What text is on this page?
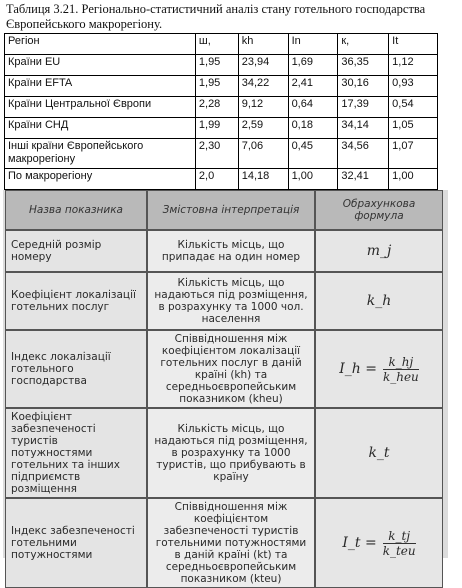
Таблиця 3.21. Регіонально-статистичний аналіз стану готельного господарства Європейського макрорегіону.
Регіон	ш,	kh	In	к,	It
Країни EU	1,95	23,94	1,69	36,35	1,12
Країни EFTA	1,95	34,22	2,41	30,16	0,93
Країни Центральної Європи	2,28	9,12	0,64	17,39	0,54
Країни СНД	1,99	2,59	0,18	34,14	1,05
Інші країни Європейського макрорегіону	2,30	7,06	0,45	34,56	1,07
По макрорегіону	2,0	14,18	1,00	32,41	1,00
Назва показника	Змістовна інтерпретація	Обрахункова формула
Середній розмір номеру	Кількість місць, що припадає на один номер	m_j
Коефіцієнт локалізації готельних послуг	Кількість місць, що надаються під розміщення, в розрахунку та 1000 чол. населення	k_h
Індекс локалізації готельного господарства	Співвідношення між коефіцієнтом локалізації готельних послуг в даній країні (kh) та середньоєвропейським показником (kheu)	I_h = $\frac{k\_hj}{\text{k\_heu}}$

Коефіцієнт забезпеченості туристів потужностями готельних та інших підприємств розміщення	Кількість місць, що надаються під розміщення, в розрахунку та 1000 туристів, що прибувають в країну	k_t
Індекс забезпеченості готельними потужностями	Співвідношення між коефіцієнтом забезпеченості туристів готельними потужностями в даній країні (kt) та середньоєвропейським показником (kteu)	I_t = $\frac{k\_tj}{\text{k\_teu}}$
